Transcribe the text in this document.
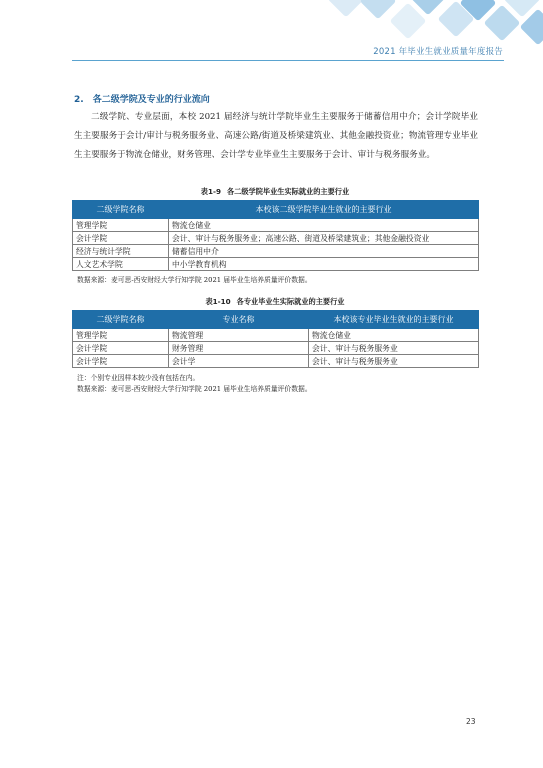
2021 年毕业生就业质量年度报告
2. 各二级学院及专业的行业流向
二级学院、专业层面，本校 2021 届经济与统计学院毕业生主要服务于储蓄信用中介；会计学院毕业生主要服务于会计/审计与税务服务业、高速公路/街道及桥梁建筑业、其他金融投资业；物流管理专业毕业生主要服务于物流仓储业，财务管理、会计学专业毕业生主要服务于会计、审计与税务服务业。
表1-9 各二级学院毕业生实际就业的主要行业
二级学院名称	本校该二级学院毕业生就业的主要行业
管理学院	物流仓储业
会计学院	会计、审计与税务服务业；高速公路、街道及桥梁建筑业；其他金融投资业
经济与统计学院	储蓄信用中介
人文艺术学院	中小学教育机构
数据来源：麦可思-西安财经大学行知学院 2021 届毕业生培养质量评价数据。
表1-10 各专业毕业生实际就业的主要行业
二级学院名称	专业名称	本校该专业毕业生就业的主要行业
管理学院	物流管理	物流仓储业
会计学院	财务管理	会计、审计与税务服务业
会计学院	会计学	会计、审计与税务服务业
注：个别专业因样本较少没有包括在内。
数据来源：麦可思-西安财经大学行知学院 2021 届毕业生培养质量评价数据。
23
